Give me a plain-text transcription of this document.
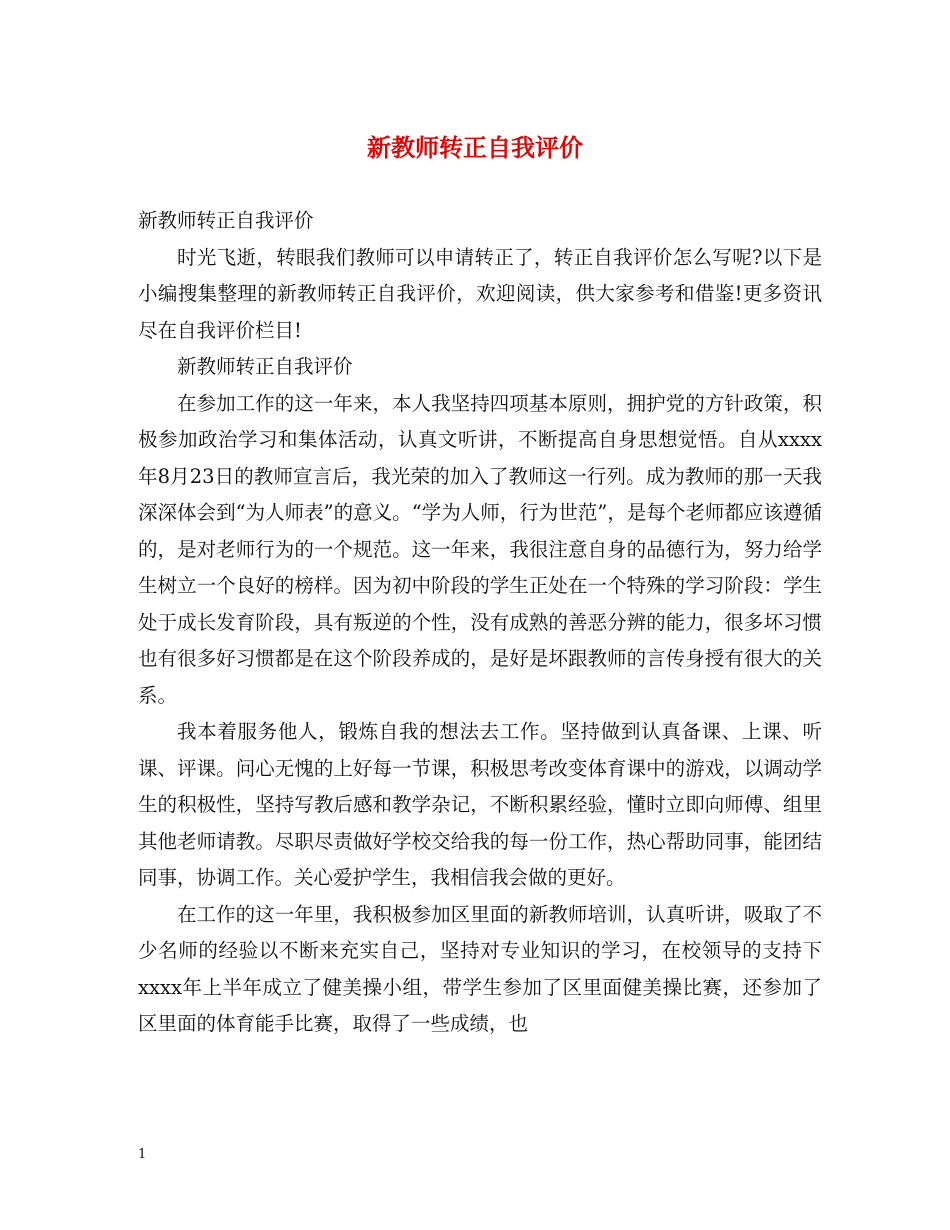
新教师转正自我评价

新教师转正自我评价

时光飞逝，转眼我们教师可以申请转正了，转正自我评价怎么写呢?以下是小编搜集整理的新教师转正自我评价，欢迎阅读，供大家参考和借鉴!更多资讯尽在自我评价栏目!

新教师转正自我评价

在参加工作的这一年来，本人我坚持四项基本原则，拥护党的方针政策，积极参加政治学习和集体活动，认真文听讲，不断提高自身思想觉悟。自从xxxx年8月23日的教师宣言后，我光荣的加入了教师这一行列。成为教师的那一天我深深体会到“为人师表”的意义。“学为人师，行为世范”，是每个老师都应该遵循的，是对老师行为的一个规范。这一年来，我很注意自身的品德行为，努力给学生树立一个良好的榜样。因为初中阶段的学生正处在一个特殊的学习阶段：学生处于成长发育阶段，具有叛逆的个性，没有成熟的善恶分辨的能力，很多坏习惯也有很多好习惯都是在这个阶段养成的，是好是坏跟教师的言传身授有很大的关系。

我本着服务他人，锻炼自我的想法去工作。坚持做到认真备课、上课、听课、评课。问心无愧的上好每一节课，积极思考改变体育课中的游戏，以调动学生的积极性，坚持写教后感和教学杂记，不断积累经验，懂时立即向师傅、组里其他老师请教。尽职尽责做好学校交给我的每一份工作，热心帮助同事，能团结同事，协调工作。关心爱护学生，我相信我会做的更好。

在工作的这一年里，我积极参加区里面的新教师培训，认真听讲，吸取了不少名师的经验以不断来充实自己，坚持对专业知识的学习，在校领导的支持下xxxx年上半年成立了健美操小组，带学生参加了区里面健美操比赛，还参加了区里面的体育能手比赛，取得了一些成绩，也

1
